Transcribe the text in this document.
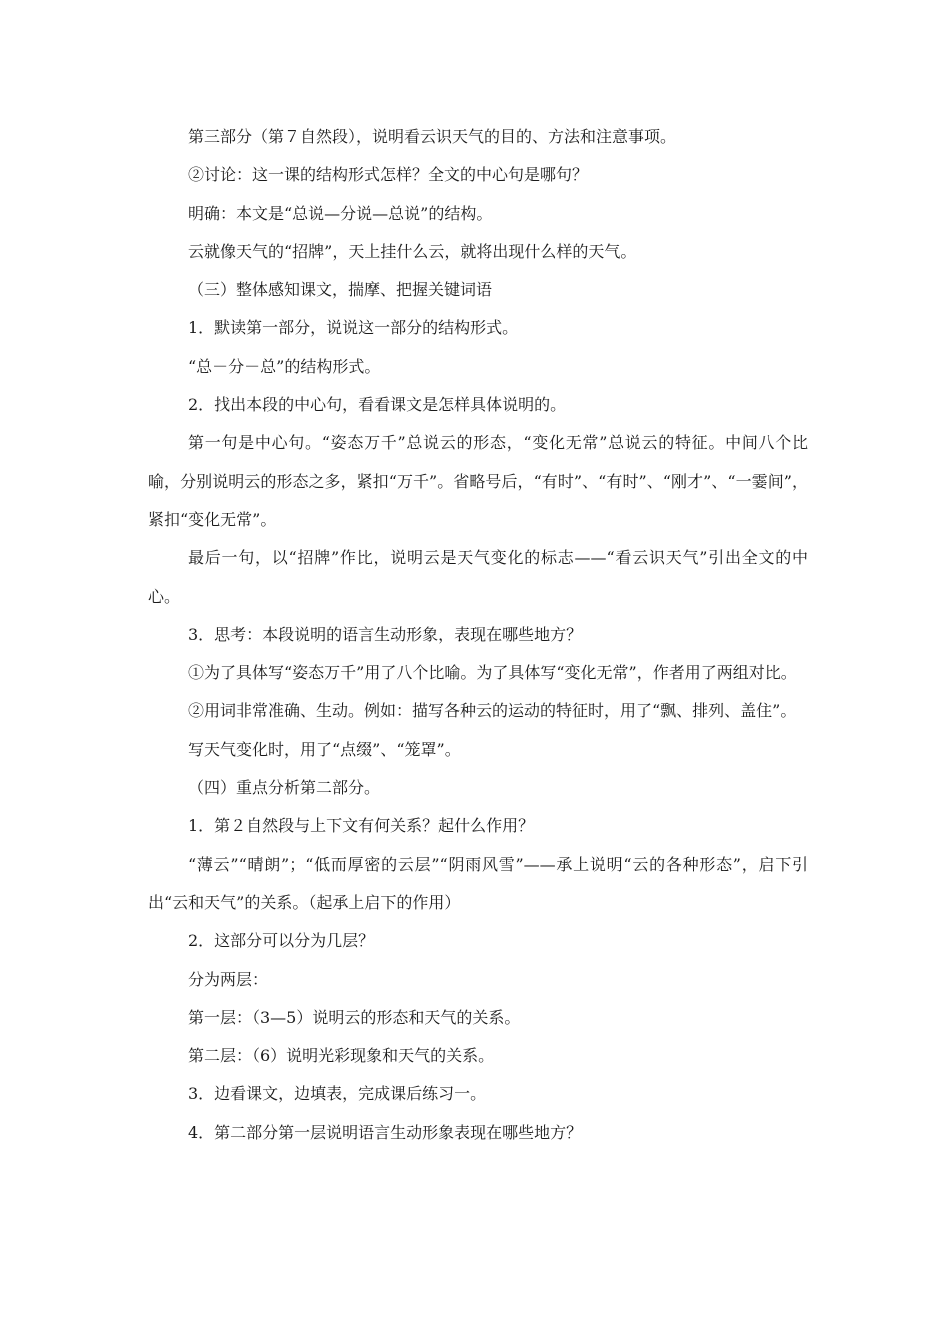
第三部分（第７自然段），说明看云识天气的目的、方法和注意事项。

②讨论：这一课的结构形式怎样？全文的中心句是哪句？

明确：本文是“总说—分说—总说”的结构。

云就像天气的“招牌”，天上挂什么云，就将出现什么样的天气。

（三）整体感知课文，揣摩、把握关键词语

1．默读第一部分，说说这一部分的结构形式。

“总－分－总”的结构形式。

2．找出本段的中心句，看看课文是怎样具体说明的。

第一句是中心句。“姿态万千”总说云的形态，“变化无常”总说云的特征。中间八个比喻，分别说明云的形态之多，紧扣“万千”。省略号后，“有时”、“有时”、“刚才”、“一霎间”，紧扣“变化无常”。

最后一句，以“招牌”作比，说明云是天气变化的标志——“看云识天气”引出全文的中心。

3．思考：本段说明的语言生动形象，表现在哪些地方？

①为了具体写“姿态万千”用了八个比喻。为了具体写“变化无常”，作者用了两组对比。

②用词非常准确、生动。例如：描写各种云的运动的特征时，用了“飘、排列、盖住”。

写天气变化时，用了“点缀”、“笼罩”。

（四）重点分析第二部分。

1．第２自然段与上下文有何关系？起什么作用？

“薄云”“晴朗”；“低而厚密的云层”“阴雨风雪”——承上说明“云的各种形态”，启下引出“云和天气”的关系。（起承上启下的作用）

2．这部分可以分为几层？

分为两层：

第一层：（3—5）说明云的形态和天气的关系。

第二层：（6）说明光彩现象和天气的关系。

3．边看课文，边填表，完成课后练习一。

4．第二部分第一层说明语言生动形象表现在哪些地方？
